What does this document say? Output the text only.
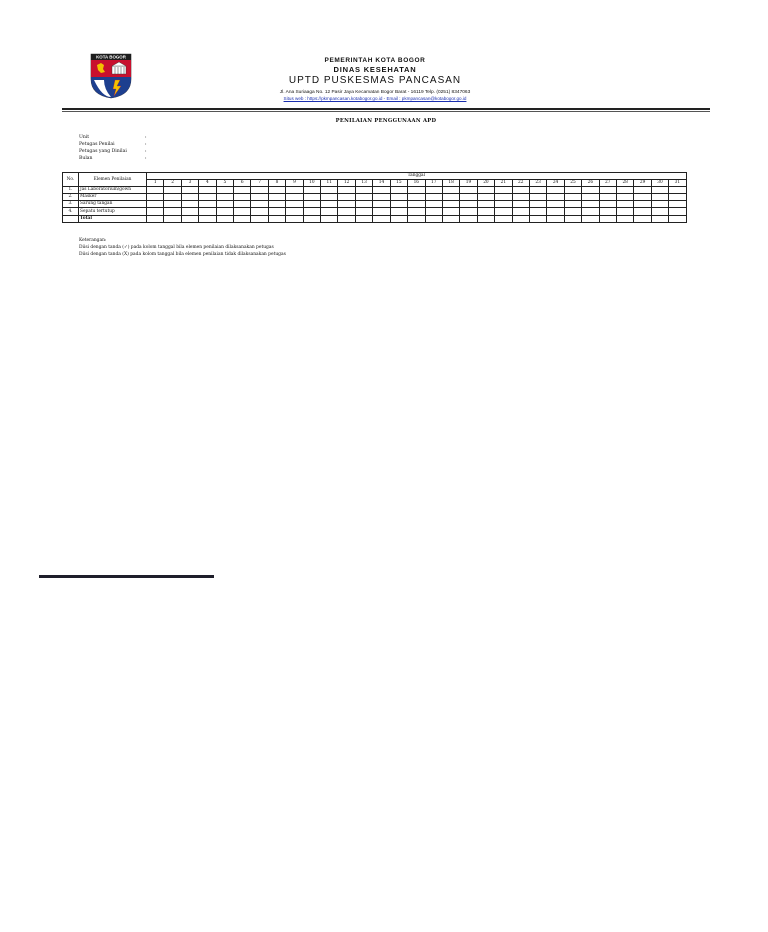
KOTA BOGOR	PEMERINTAH KOTA BOGOR
DINAS KESEHATAN
UPTD PUSKESMAS PANCASAN
Jl. Ana Suriaaga No. 12 Pasir Jaya Kecamatan Bogor Barat - 16119 Telp. (0251) 8347063
Situs web : https://pkmpancasan.kotabogor.go.id - Email : pkmpancasan@kotabogor.go.id
PENILAIAN PENGGUNAAN APD
Unit	:
Petugas Penilai	:
Petugas yang Dinilai	:
Bulan	:
No.	Elemen Penilaian	Tanggal																														
		1	2	3	4	5	6	7	8	9	10	11	12	13	14	15	16	17	18	19	20	21	22	23	24	25	26	27	28	29	30	31
1.	Jas Laboratorium/gown																															
2.	Masker																															
3.	Sarung tangan																															
4.	Sepatu tertutup																															
	Total																															
Keterangan:
Diisi dengan tanda (✓) pada kolom tanggal bila elemen penilaian dilaksanakan petugas
Diisi dengan tanda (X) pada kolom tanggal bila elemen penilaian tidak dilaksanakan petugas
